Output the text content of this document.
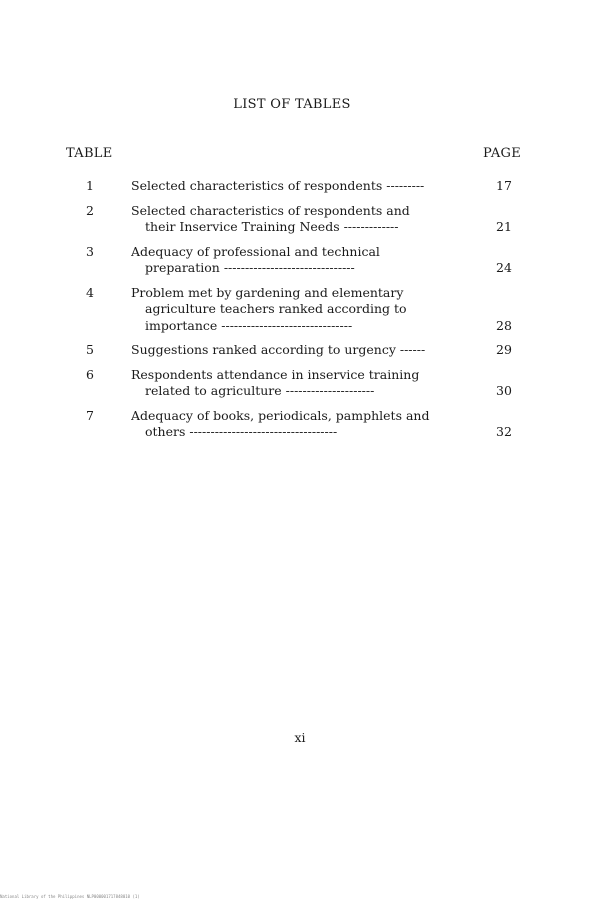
LIST OF TABLES
TABLE	PAGE
1	Selected characteristics of respondents ---------	17
2	Selected characteristics of respondents and
their Inservice Training Needs -------------	21
3	Adequacy of professional and technical
preparation -------------------------------	24
4	Problem met by gardening and elementary
agriculture teachers ranked according to
importance -------------------------------	28
5	Suggestions ranked according to urgency ------	29
6	Respondents attendance in inservice training
related to agriculture ---------------------	30
7	Adequacy of books, periodicals, pamphlets and
others -----------------------------------	32
xi
National Library of the Philippines NLP000001717848010 (1)
